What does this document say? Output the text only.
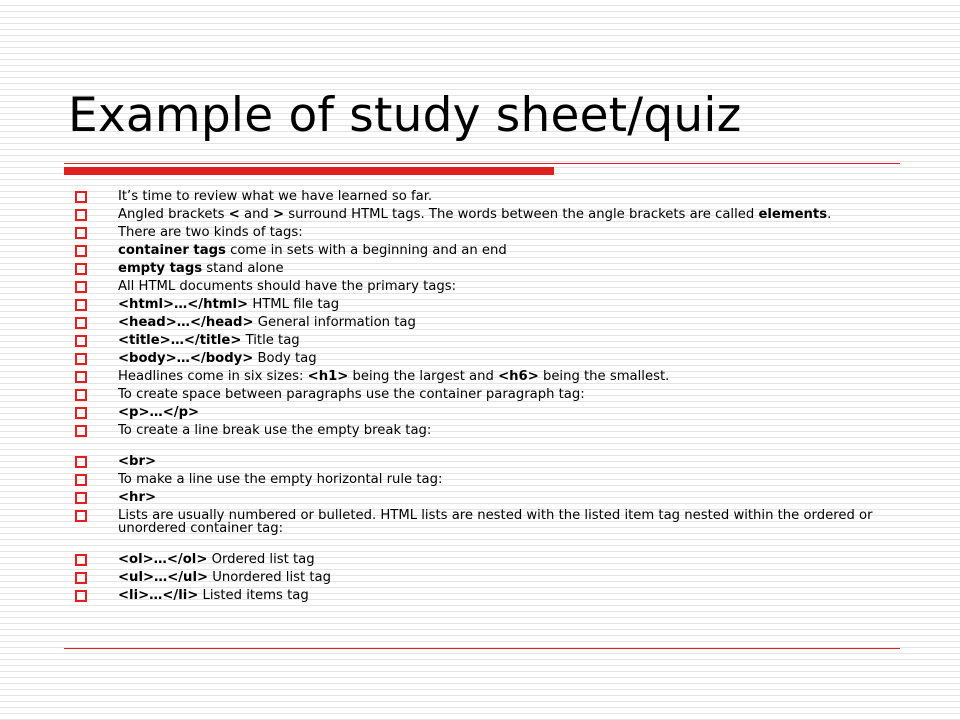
Example of study sheet/quiz
It’s time to review what we have learned so far.
Angled brackets < and > surround HTML tags. The words between the angle brackets are called elements.
There are two kinds of tags:
container tags come in sets with a beginning and an end
empty tags stand alone
All HTML documents should have the primary tags:
<html>…</html> HTML file tag
<head>…</head> General information tag
<title>…</title> Title tag
<body>…</body> Body tag
Headlines come in six sizes: <h1> being the largest and <h6> being the smallest.
To create space between paragraphs use the container paragraph tag:
<p>…</p>
To create a line break use the empty break tag:
<br>
To make a line use the empty horizontal rule tag:
<hr>
Lists are usually numbered or bulleted. HTML lists are nested with the listed item tag nested within the ordered or unordered container tag:
<ol>…</ol> Ordered list tag
<ul>…</ul> Unordered list tag
<li>…</li> Listed items tag
